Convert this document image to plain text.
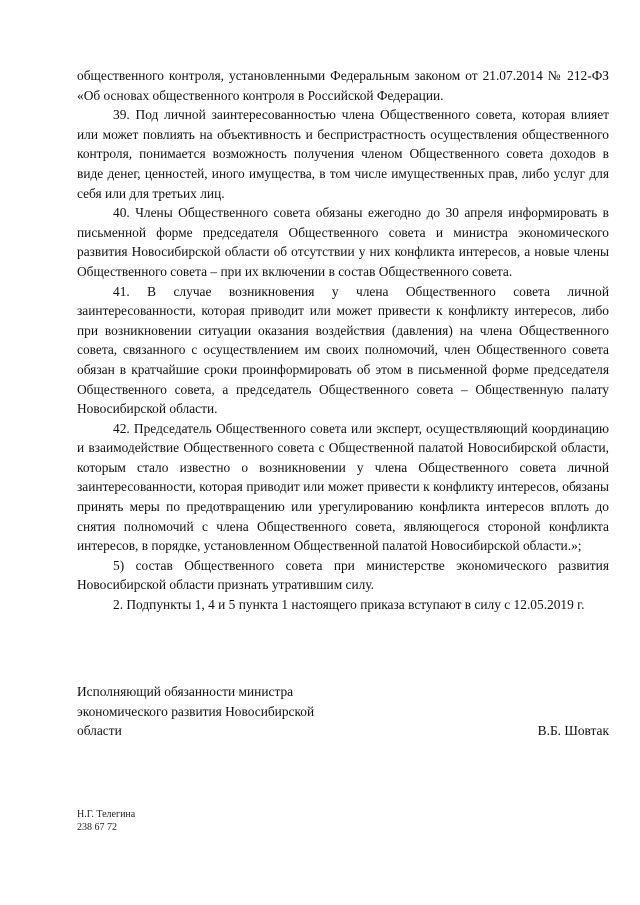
общественного контроля, установленными Федеральным законом от 21.07.2014 № 212-ФЗ «Об основах общественного контроля в Российской Федерации.

39. Под личной заинтересованностью члена Общественного совета, которая влияет или может повлиять на объективность и беспристрастность осуществления общественного контроля, понимается возможность получения членом Общественного совета доходов в виде денег, ценностей, иного имущества, в том числе имущественных прав, либо услуг для себя или для третьих лиц.

40. Члены Общественного совета обязаны ежегодно до 30 апреля информировать в письменной форме председателя Общественного совета и министра экономического развития Новосибирской области об отсутствии у них конфликта интересов, а новые члены Общественного совета – при их включении в состав Общественного совета.

41. В случае возникновения у члена Общественного совета личной заинтересованности, которая приводит или может привести к конфликту интересов, либо при возникновении ситуации оказания воздействия (давления) на члена Общественного совета, связанного с осуществлением им своих полномочий, член Общественного совета обязан в кратчайшие сроки проинформировать об этом в письменной форме председателя Общественного совета, а председатель Общественного совета – Общественную палату Новосибирской области.

42. Председатель Общественного совета или эксперт, осуществляющий координацию и взаимодействие Общественного совета с Общественной палатой Новосибирской области, которым стало известно о возникновении у члена Общественного совета личной заинтересованности, которая приводит или может привести к конфликту интересов, обязаны принять меры по предотвращению или урегулированию конфликта интересов вплоть до снятия полномочий с члена Общественного совета, являющегося стороной конфликта интересов, в порядке, установленном Общественной палатой Новосибирской области.»;

5) состав Общественного совета при министерстве экономического развития Новосибирской области признать утратившим силу.

2. Подпункты 1, 4 и 5 пункта 1 настоящего приказа вступают в силу с 12.05.2019 г.

Исполняющий обязанности министра
экономического развития Новосибирской
области	В.Б. Шовтак
Н.Г. Телегина
238 67 72
